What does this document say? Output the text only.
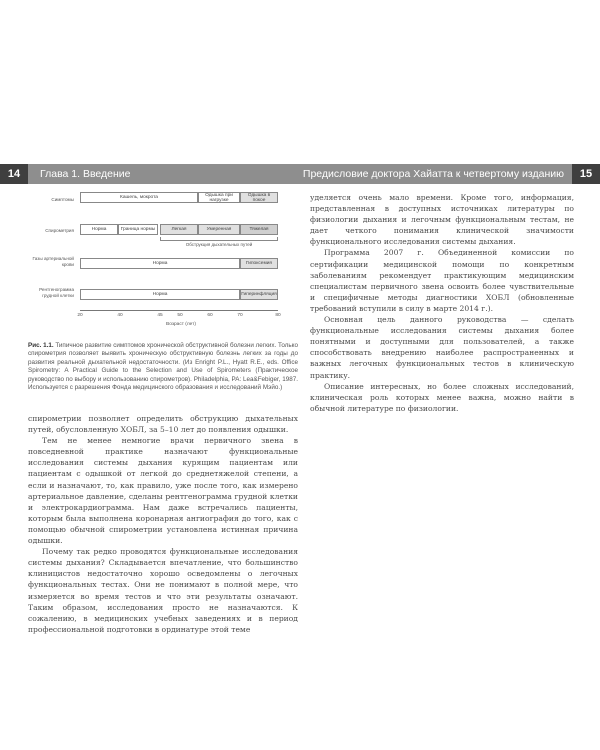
14	Глава 1. Введение	Предисловие доктора Хайатта к четвертому изданию	15
Симптомы	Кашель, мокрота	Одышка при нагрузке
Одышка в покое
Спирометрия	Норма	Граница нормы	Легкая	Умеренная	Тяжелая
Обструкция дыхательных путей
Газы артериальной крови	Норма	Гипоксемия
Рентгенограмма грудной клетки	Норма	Гиперинфляция
20	40	45	50	60	70	80
Возраст (лет)
Рис. 1.1. Типичное развитие симптомов хронической обструктивной болезни легких. Только спирометрия позволяет выявить хроническую обструктивную болезнь легких за годы до развития реальной дыхательной недостаточности. (Из Enright P.L., Hyatt R.E., eds. Office Spirometry: A Practical Guide to the Selection and Use of Spirometers (Практическое руководство по выбору и использованию спирометров). Philadelphia, PA: Lea&Febiger, 1987. Используется с разрешения Фонда медицинского образования и исследований Мэйо.)

спирометрии позволяет определить обструкцию дыхательных путей, обусловленную ХОБЛ, за 5–10 лет до появления одышки.

Тем не менее немногие врачи первичного звена в повседневной практике назначают функциональные исследования системы дыхания курящим пациентам или пациентам с одышкой от легкой до среднетяжелой степени, а если и назначают, то, как правило, уже после того, как измерено артериальное давление, сделаны рентгенограмма грудной клетки и электрокардиограмма. Нам даже встречались пациенты, которым была выполнена коронарная ангиография до того, как с помощью обычной спирометрии установлена истинная причина одышки.

Почему так редко проводятся функциональные исследования системы дыхания? Складывается впечатление, что большинство клиницистов недостаточно хорошо осведомлены о легочных функциональных тестах. Они не понимают в полной мере, что измеряется во время тестов и что эти результаты означают. Таким образом, исследования просто не назначаются. К сожалению, в медицинских учебных заведениях и в период профессиональной подготовки в ординатуре этой теме

уделяется очень мало времени. Кроме того, информация, представленная в доступных источниках литературы по физиологии дыхания и легочным функциональным тестам, не дает четкого понимания клинической значимости функционального исследования системы дыхания.

Программа 2007 г. Объединенной комиссии по сертификации медицинской помощи по конкретным заболеваниям рекомендует практикующим медицинским специалистам первичного звена освоить более чувствительные и специфичные методы диагностики ХОБЛ (обновленные требований вступили в силу в марте 2014 г.).

Основная цель данного руководства — сделать функциональные исследования системы дыхания более понятными и доступными для пользователей, а также способствовать внедрению наиболее распространенных и важных легочных функциональных тестов в клиническую практику.

Описание интересных, но более сложных исследований, клиническая роль которых менее важна, можно найти в обычной литературе по физиологии.
